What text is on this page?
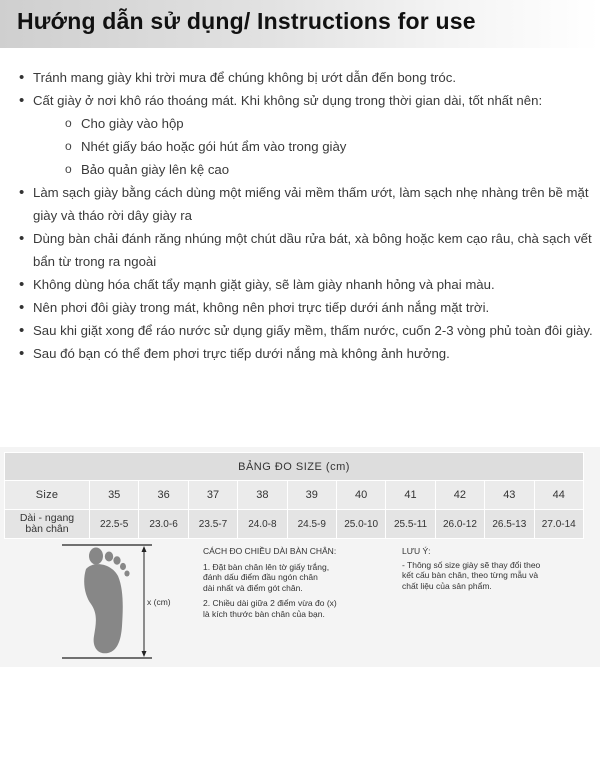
Hướng dẫn sử dụng/ Instructions for use
• Tránh mang giày khi trời mưa để chúng không bị ướt dẫn đến bong tróc.
• Cất giày ở nơi khô ráo thoáng mát. Khi không sử dụng trong thời gian dài, tốt nhất nên:
o Cho giày vào hộp
o Nhét giấy báo hoặc gói hút ẩm vào trong giày
o Bảo quản giày lên kệ cao
• Làm sạch giày bằng cách dùng một miếng vải mềm thấm ướt, làm sạch nhẹ nhàng trên bề mặt giày và tháo rời dây giày ra
• Dùng bàn chải đánh răng nhúng một chút dầu rửa bát, xà bông hoặc kem cạo râu, chà sạch vết bẩn từ trong ra ngoài
• Không dùng hóa chất tẩy mạnh giặt giày, sẽ làm giày nhanh hỏng và phai màu.
• Nên phơi đôi giày trong mát, không nên phơi trực tiếp dưới ánh nắng mặt trời.
• Sau khi giặt xong để ráo nước sử dụng giấy mềm, thấm nước, cuốn 2-3 vòng phủ toàn đôi giày.
• Sau đó bạn có thể đem phơi trực tiếp dưới nắng mà không ảnh hưởng.
BẢNG ĐO SIZE (cm)										
Size	35	36	37	38	39	40	41	42	43	44

Dài - ngang
bàn chân	22.5-5	23.0-6	23.5-7	24.0-8	24.5-9	25.0-10	25.5-11	26.0-12	26.5-13	27.0-14
x (cm)

CÁCH ĐO CHIỀU DÀI BÀN CHÂN:

1. Đặt bàn chân lên tờ giấy trắng,
đánh dấu điểm đầu ngón chân
dài nhất và điểm gót chân.

2. Chiều dài giữa 2 điểm vừa đo (x)
là kích thước bàn chân của bạn.

LƯU Ý:

- Thông số size giày sẽ thay đổi theo
kết cấu bàn chân, theo từng mẫu và
chất liệu của sản phẩm.
